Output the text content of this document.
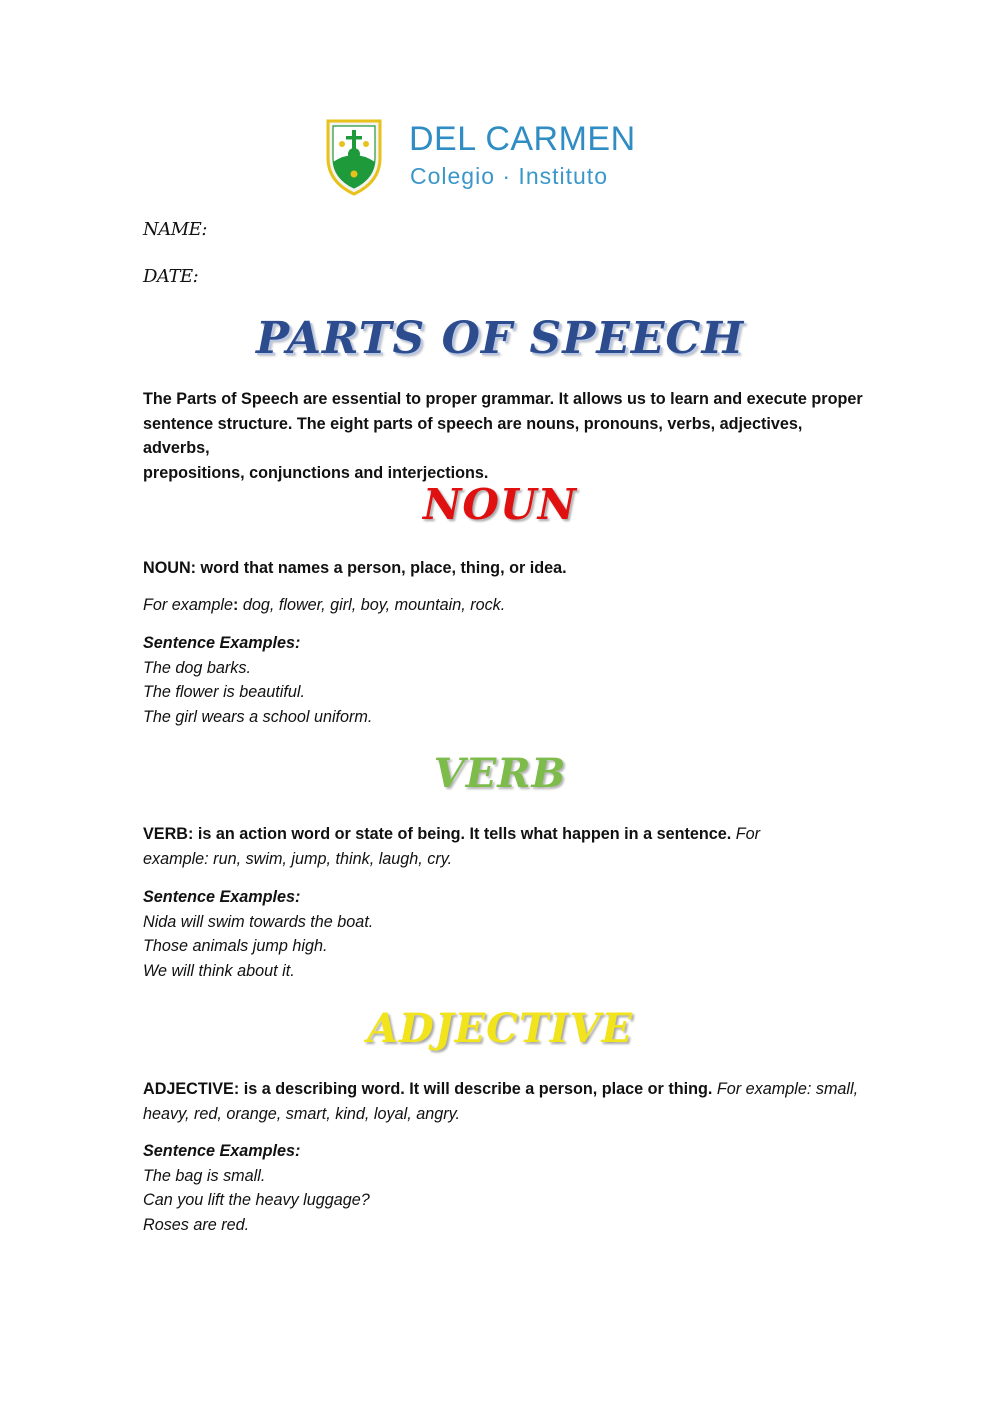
DEL CARMEN
Colegio · Instituto
NAME:
DATE:
PARTS OF SPEECH
The Parts of Speech are essential to proper grammar. It allows us to learn and execute proper
sentence structure. The eight parts of speech are nouns, pronouns, verbs, adjectives, adverbs,
prepositions, conjunctions and interjections.
NOUN
NOUN: word that names a person, place, thing, or idea.
For example: dog, flower, girl, boy, mountain, rock.
Sentence Examples:
The dog barks.
The flower is beautiful.
The girl wears a school uniform.
VERB
VERB: is an action word or state of being. It tells what happen in a sentence. For
example: run, swim, jump, think, laugh, cry.
Sentence Examples:
Nida will swim towards the boat.
Those animals jump high.
We will think about it.
ADJECTIVE
ADJECTIVE: is a describing word. It will describe a person, place or thing. For example: small,
heavy, red, orange, smart, kind, loyal, angry.
Sentence Examples:
The bag is small.
Can you lift the heavy luggage?
Roses are red.
